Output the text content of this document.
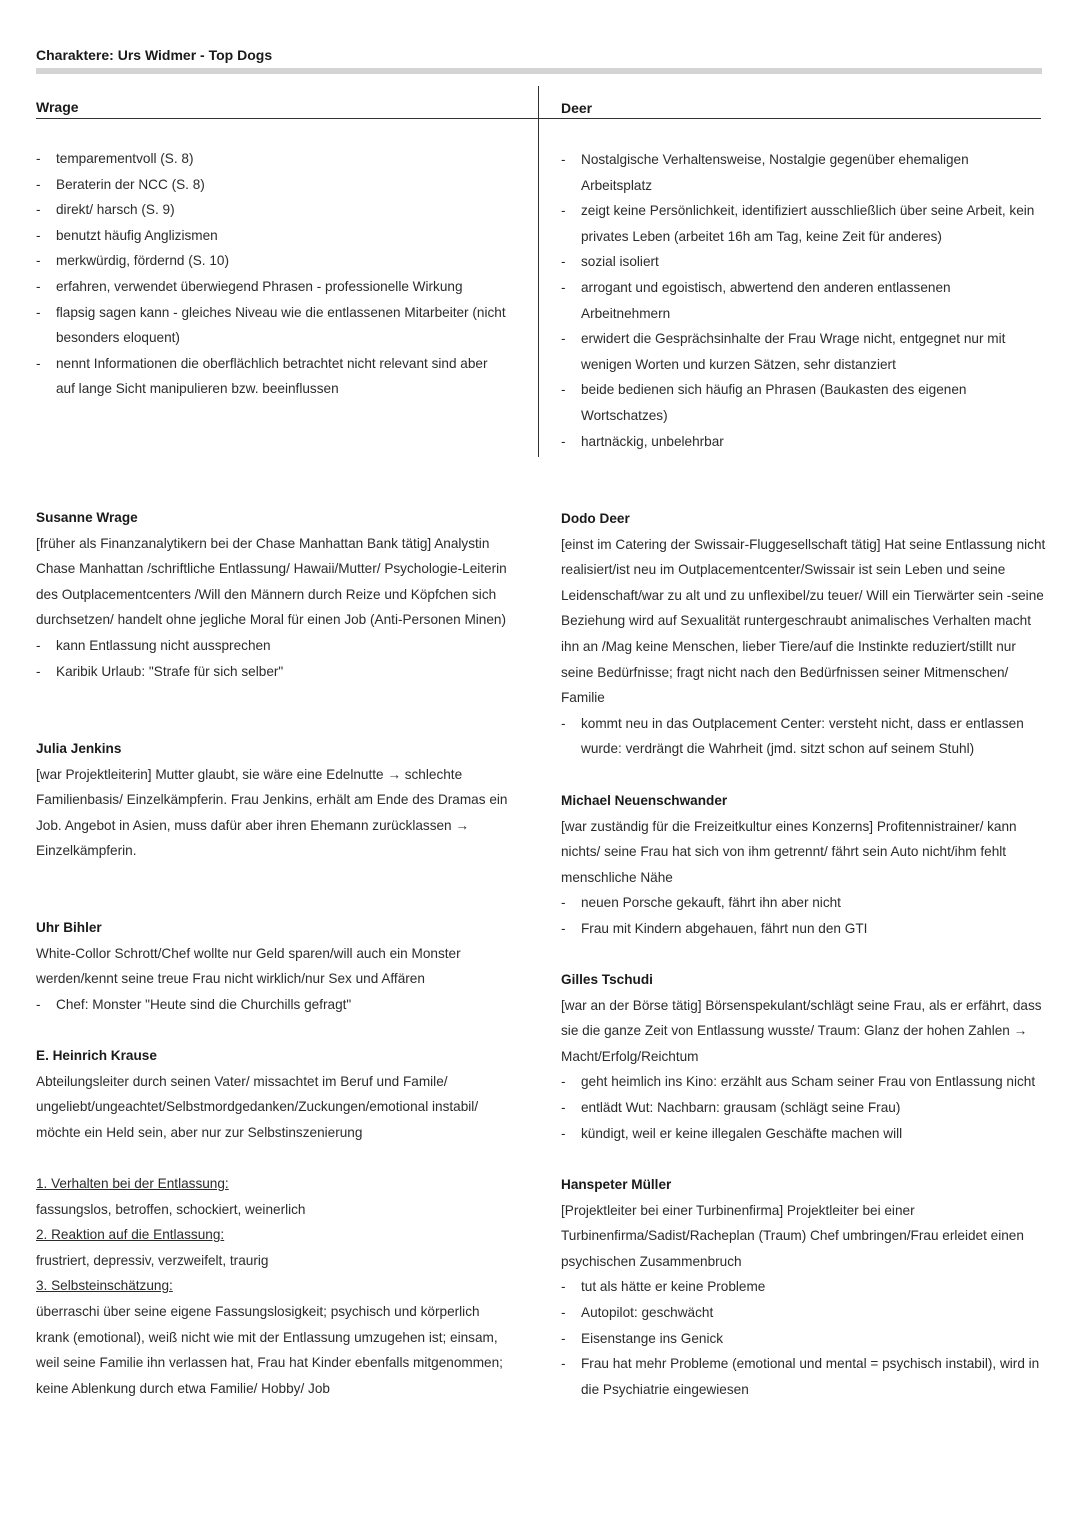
Charaktere: Urs Widmer - Top Dogs
Wrage	Deer
- temparementvoll (S. 8)
- Beraterin der NCC (S. 8)
- direkt/ harsch (S. 9)
- benutzt häufig Anglizismen
- merkwürdig, fördernd (S. 10)
- erfahren, verwendet überwiegend Phrasen - professionelle Wirkung
- flapsig sagen kann - gleiches Niveau wie die entlassenen Mitarbeiter (nicht besonders eloquent)
- nennt Informationen die oberflächlich betrachtet nicht relevant sind aber auf lange Sicht manipulieren bzw. beeinflussen
- Nostalgische Verhaltensweise, Nostalgie gegenüber ehemaligen Arbeitsplatz
- zeigt keine Persönlichkeit, identifiziert ausschließlich über seine Arbeit, kein privates Leben (arbeitet 16h am Tag, keine Zeit für anderes)
- sozial isoliert
- arrogant und egoistisch, abwertend den anderen entlassenen Arbeitnehmern
- erwidert die Gesprächsinhalte der Frau Wrage nicht, entgegnet nur mit wenigen Worten und kurzen Sätzen, sehr distanziert
- beide bedienen sich häufig an Phrasen (Baukasten des eigenen Wortschatzes)
- hartnäckig, unbelehrbar
Susanne Wrage

[früher als Finanzanalytikern bei der Chase Manhattan Bank tätig] Analystin Chase Manhattan /schriftliche Entlassung/ Hawaii/Mutter/ Psychologie-Leiterin des Outplacementcenters /Will den Männern durch Reize und Köpfchen sich durchsetzen/ handelt ohne jegliche Moral für einen Job (Anti-Personen Minen)

- kann Entlassung nicht aussprechen
- Karibik Urlaub: "Strafe für sich selber"
Julia Jenkins

[war Projektleiterin] Mutter glaubt, sie wäre eine Edelnutte → schlechte Familienbasis/ Einzelkämpferin. Frau Jenkins, erhält am Ende des Dramas ein Job. Angebot in Asien, muss dafür aber ihren Ehemann zurücklassen → Einzelkämpferin.

Uhr Bihler

White-Collor Schrott/Chef wollte nur Geld sparen/will auch ein Monster werden/kennt seine treue Frau nicht wirklich/nur Sex und Affären

- Chef: Monster "Heute sind die Churchills gefragt"
E. Heinrich Krause

Abteilungsleiter durch seinen Vater/ missachtet im Beruf und Famile/ ungeliebt/ungeachtet/Selbstmordgedanken/Zuckungen/emotional instabil/ möchte ein Held sein, aber nur zur Selbstinszenierung

1. Verhalten bei der Entlassung:

fassungslos, betroffen, schockiert, weinerlich

2. Reaktion auf die Entlassung:

frustriert, depressiv, verzweifelt, traurig

3. Selbsteinschätzung:

überraschi über seine eigene Fassungslosigkeit; psychisch und körperlich krank (emotional), weiß nicht wie mit der Entlassung umzugehen ist; einsam, weil seine Familie ihn verlassen hat, Frau hat Kinder ebenfalls mitgenommen; keine Ablenkung durch etwa Familie/ Hobby/ Job

Dodo Deer

[einst im Catering der Swissair-Fluggesellschaft tätig] Hat seine Entlassung nicht realisiert/ist neu im Outplacementcenter/Swissair ist sein Leben und seine Leidenschaft/war zu alt und zu unflexibel/zu teuer/ Will ein Tierwärter sein -seine Beziehung wird auf Sexualität runtergeschraubt animalisches Verhalten macht ihn an /Mag keine Menschen, lieber Tiere/auf die Instinkte reduziert/stillt nur seine Bedürfnisse; fragt nicht nach den Bedürfnissen seiner Mitmenschen/ Familie

- kommt neu in das Outplacement Center: versteht nicht, dass er entlassen wurde: verdrängt die Wahrheit (jmd. sitzt schon auf seinem Stuhl)
Michael Neuenschwander

[war zuständig für die Freizeitkultur eines Konzerns] Profitennistrainer/ kann nichts/ seine Frau hat sich von ihm getrennt/ fährt sein Auto nicht/ihm fehlt menschliche Nähe

- neuen Porsche gekauft, fährt ihn aber nicht
- Frau mit Kindern abgehauen, fährt nun den GTI
Gilles Tschudi

[war an der Börse tätig] Börsenspekulant/schlägt seine Frau, als er erfährt, dass sie die ganze Zeit von Entlassung wusste/ Traum: Glanz der hohen Zahlen → Macht/Erfolg/Reichtum

- geht heimlich ins Kino: erzählt aus Scham seiner Frau von Entlassung nicht
- entlädt Wut: Nachbarn: grausam (schlägt seine Frau)
- kündigt, weil er keine illegalen Geschäfte machen will
Hanspeter Müller

[Projektleiter bei einer Turbinenfirma] Projektleiter bei einer Turbinenfirma/Sadist/Racheplan (Traum) Chef umbringen/Frau erleidet einen psychischen Zusammenbruch

- tut als hätte er keine Probleme
- Autopilot: geschwächt
- Eisenstange ins Genick
- Frau hat mehr Probleme (emotional und mental = psychisch instabil), wird in die Psychiatrie eingewiesen
